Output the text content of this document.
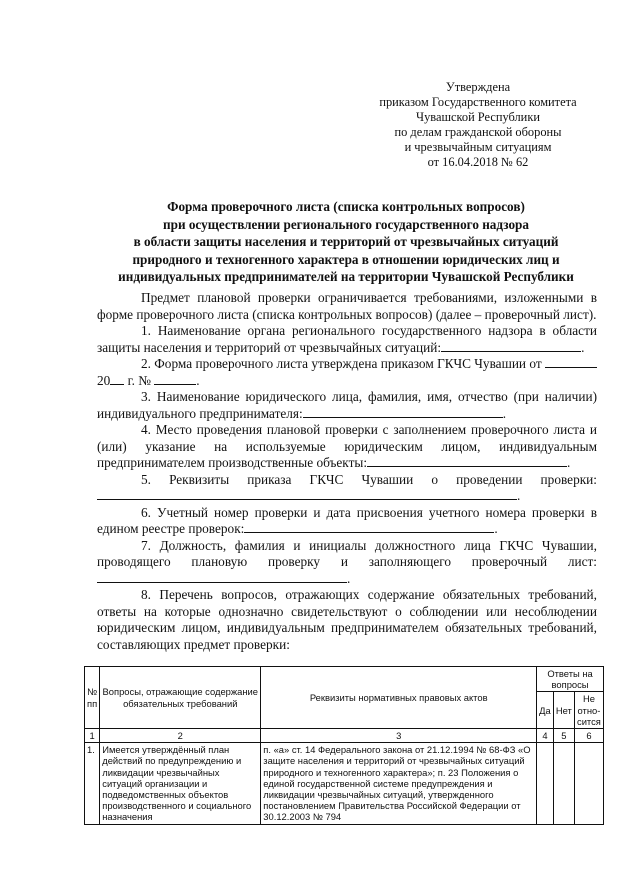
Утверждена
приказом Государственного комитета
Чувашской Республики
по делам гражданской обороны
и чрезвычайным ситуациям
от 16.04.2018 № 62
Форма проверочного листа (списка контрольных вопросов)
при осуществлении регионального государственного надзора
в области защиты населения и территорий от чрезвычайных ситуаций
природного и техногенного характера в отношении юридических лиц и
индивидуальных предпринимателей на территории Чувашской Республики

Предмет плановой проверки ограничивается требованиями, изложенными в форме проверочного листа (списка контрольных вопросов) (далее – проверочный лист).

1. Наименование органа регионального государственного надзора в области защиты населения и территорий от чрезвычайных ситуаций:	.

2. Форма проверочного листа утверждена приказом ГКЧС Чувашии от  20 г. №	.

3. Наименование юридического лица, фамилия, имя, отчество (при наличии) индивидуального предпринимателя:	.

4. Место проведения плановой проверки с заполнением проверочного листа и (или) указание на используемые юридическим лицом, индивидуальным предпринимателем производственные объекты:	.

5. Реквизиты приказа ГКЧС Чувашии о проведении проверки:.

6. Учетный номер проверки и дата присвоения учетного номера проверки в едином реестре проверок:	.

7. Должность, фамилия и инициалы должностного лица ГКЧС Чувашии, проводящего плановую проверку и заполняющего проверочный лист:.

8. Перечень вопросов, отражающих содержание обязательных требований, ответы на которые однозначно свидетельствуют о соблюдении или несоблюдении юридическим лицом, индивидуальным предпринимателем обязательных требований, составляющих предмет проверки:

№ пп	Вопросы, отражающие содержание обязательных требований	Реквизиты нормативных правовых актов	Ответы на вопросы		
			Да	Нет	Не отно- сится
1	2	3	4	5	6
1.	Имеется утверждённый план действий по предупреждению и ликвидации чрезвычайных ситуаций организации и подведомственных объектов производственного и социального назначения	п. «а» ст. 14 Федерального закона от 21.12.1994 № 68-ФЗ «О защите населения и территорий от чрезвычайных ситуаций природного и техногенного характера»; п. 23 Положения о единой государственной системе предупреждения и ликвидации чрезвычайных ситуаций, утвержденного постановлением Правительства Российской Федерации от 30.12.2003 № 794			
